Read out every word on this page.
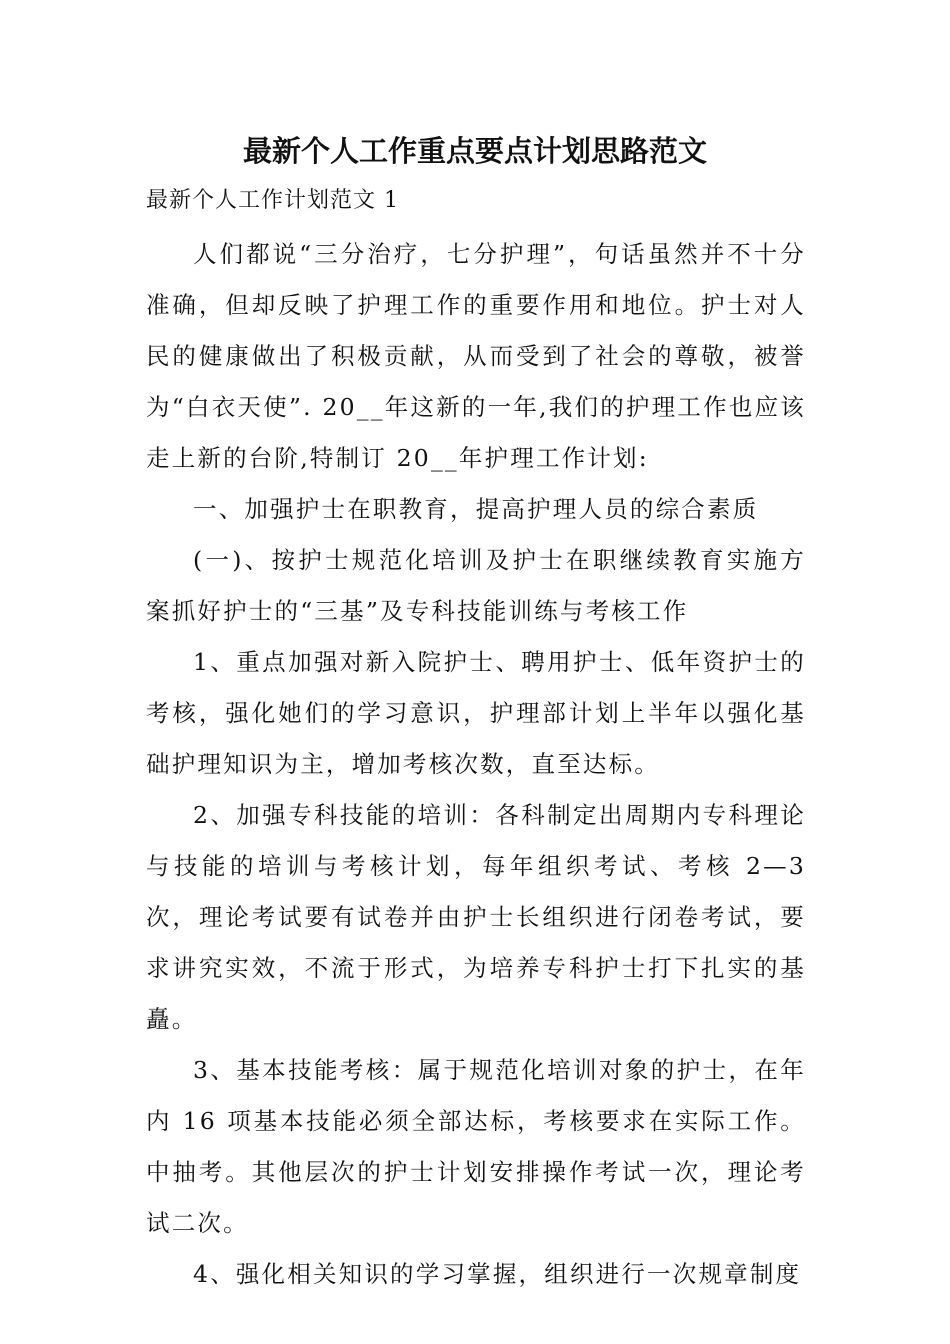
最新个人工作重点要点计划思路范文
最新个人工作计划范文 1

人们都说“三分治疗，七分护理”，句话虽然并不十分准确，但却反映了护理工作的重要作用和地位。护士对人民的健康做出了积极贡献，从而受到了社会的尊敬，被誉为“白衣天使”. 20__年这新的一年,我们的护理工作也应该走上新的台阶,特制订 20__年护理工作计划:

一、加强护士在职教育，提高护理人员的综合素质

(一)、按护士规范化培训及护士在职继续教育实施方案抓好护士的“三基”及专科技能训练与考核工作

1、重点加强对新入院护士、聘用护士、低年资护士的考核，强化她们的学习意识，护理部计划上半年以强化基础护理知识为主，增加考核次数，直至达标。

2、加强专科技能的培训：各科制定出周期内专科理论与技能的培训与考核计划，每年组织考试、考核 2—3 次，理论考试要有试卷并由护士长组织进行闭卷考试，要求讲究实效，不流于形式，为培养专科护士打下扎实的基矗。

3、基本技能考核：属于规范化培训对象的护士，在年内 16 项基本技能必须全部达标，考核要求在实际工作。中抽考。其他层次的护士计划安排操作考试一次，理论考试二次。

4、强化相关知识的学习掌握，组织进行一次规章制度
